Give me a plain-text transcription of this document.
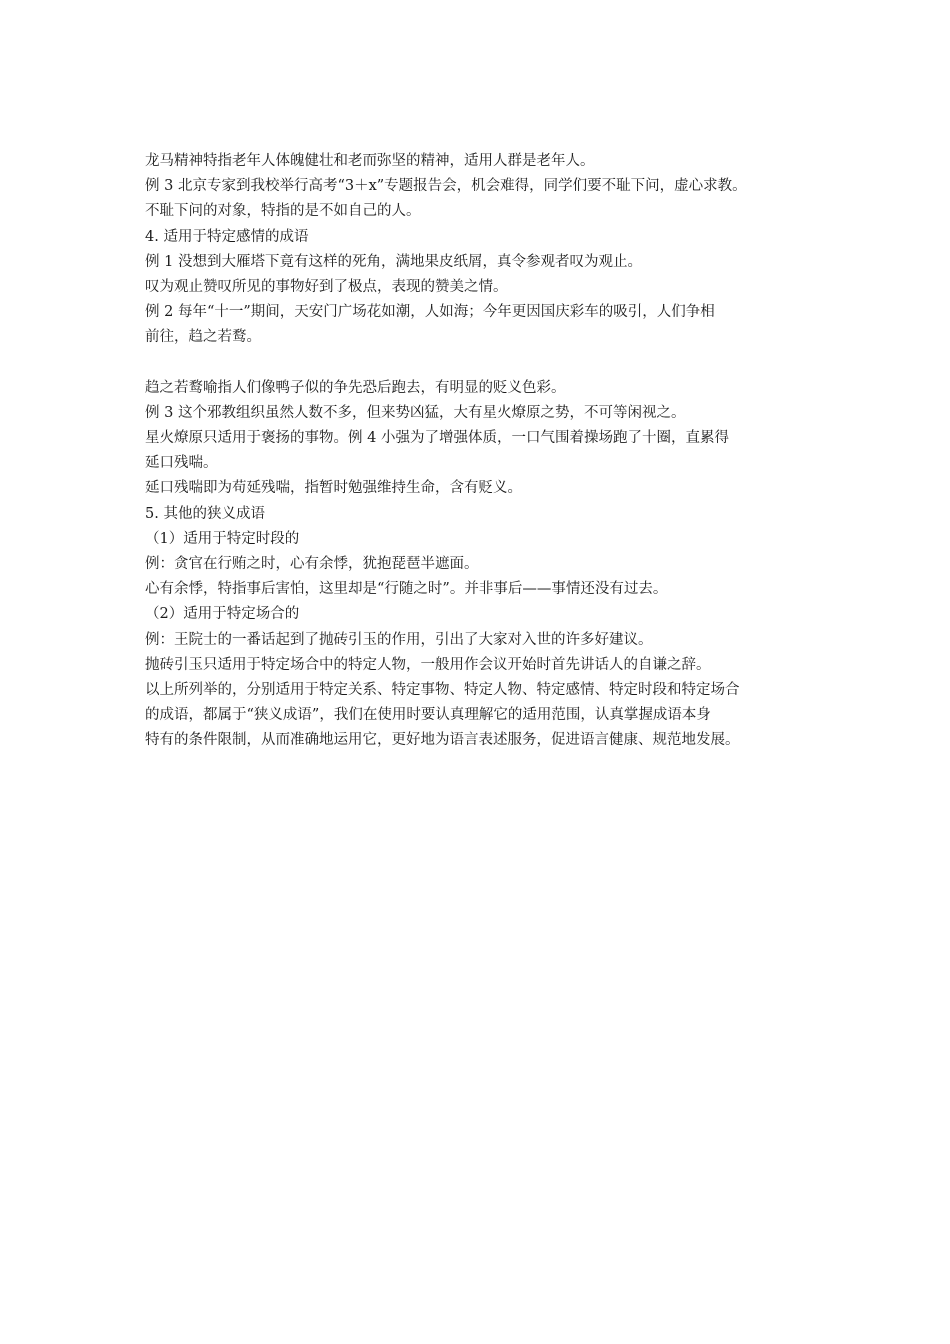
龙马精神特指老年人体魄健壮和老而弥坚的精神，适用人群是老年人。
例 3 北京专家到我校举行高考“3＋x”专题报告会，机会难得，同学们要不耻下问，虚心求教。
不耻下问的对象，特指的是不如自己的人。
4. 适用于特定感情的成语
例 1 没想到大雁塔下竟有这样的死角，满地果皮纸屑，真令参观者叹为观止。
叹为观止赞叹所见的事物好到了极点，表现的赞美之情。
例 2 每年“十一”期间，天安门广场花如潮，人如海；今年更因国庆彩车的吸引，人们争相
前往，趋之若鹜。
趋之若鹜喻指人们像鸭子似的争先恐后跑去，有明显的贬义色彩。
例 3 这个邪教组织虽然人数不多，但来势凶猛，大有星火燎原之势，不可等闲视之。
星火燎原只适用于褒扬的事物。例 4 小强为了增强体质，一口气围着操场跑了十圈，直累得
延口残喘。
延口残喘即为苟延残喘，指暂时勉强维持生命，含有贬义。
5. 其他的狭义成语
（1）适用于特定时段的
例：贪官在行贿之时，心有余悸，犹抱琵琶半遮面。
心有余悸，特指事后害怕，这里却是“行随之时”。并非事后——事情还没有过去。
（2）适用于特定场合的
例：王院士的一番话起到了抛砖引玉的作用，引出了大家对入世的许多好建议。
抛砖引玉只适用于特定场合中的特定人物，一般用作会议开始时首先讲话人的自谦之辞。
以上所列举的，分别适用于特定关系、特定事物、特定人物、特定感情、特定时段和特定场合
的成语，都属于“狭义成语”，我们在使用时要认真理解它的适用范围，认真掌握成语本身
特有的条件限制，从而准确地运用它，更好地为语言表述服务，促进语言健康、规范地发展。
